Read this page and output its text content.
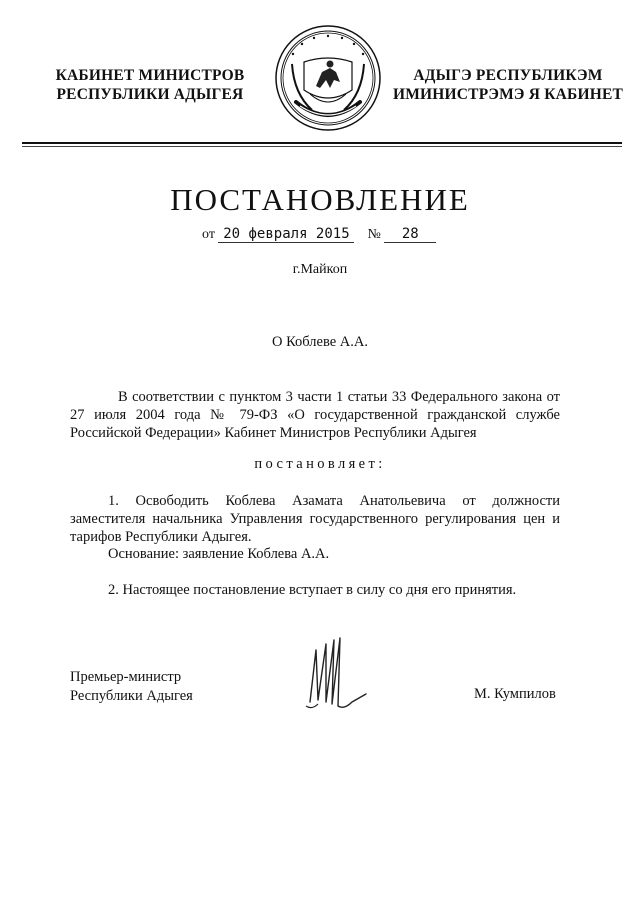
КАБИНЕТ МИНИСТРОВ
РЕСПУБЛИКИ АДЫГЕЯ
АДЫГЭ РЕСПУБЛИКЭМ
ИМИНИСТРЭМЭ Я КАБИНЕТ
ПОСТАНОВЛЕНИЕ
от 20 февраля 2015 № 28
г.Майкоп
О Коблеве А.А.
В соответствии с пунктом 3 части 1 статьи 33 Федерального закона от 27 июля 2004 года № 79-ФЗ «О государственной гражданской службе Российской Федерации» Кабинет Министров Республики Адыгея
постановляет:
1. Освободить Коблева Азамата Анатольевича от должности заместителя начальника Управления государственного регулирования цен и тарифов Республики Адыгея.
Основание: заявление Коблева А.А.
2. Настоящее постановление вступает в силу со дня его принятия.
Премьер-министр
Республики Адыгея	М. Кумпилов
